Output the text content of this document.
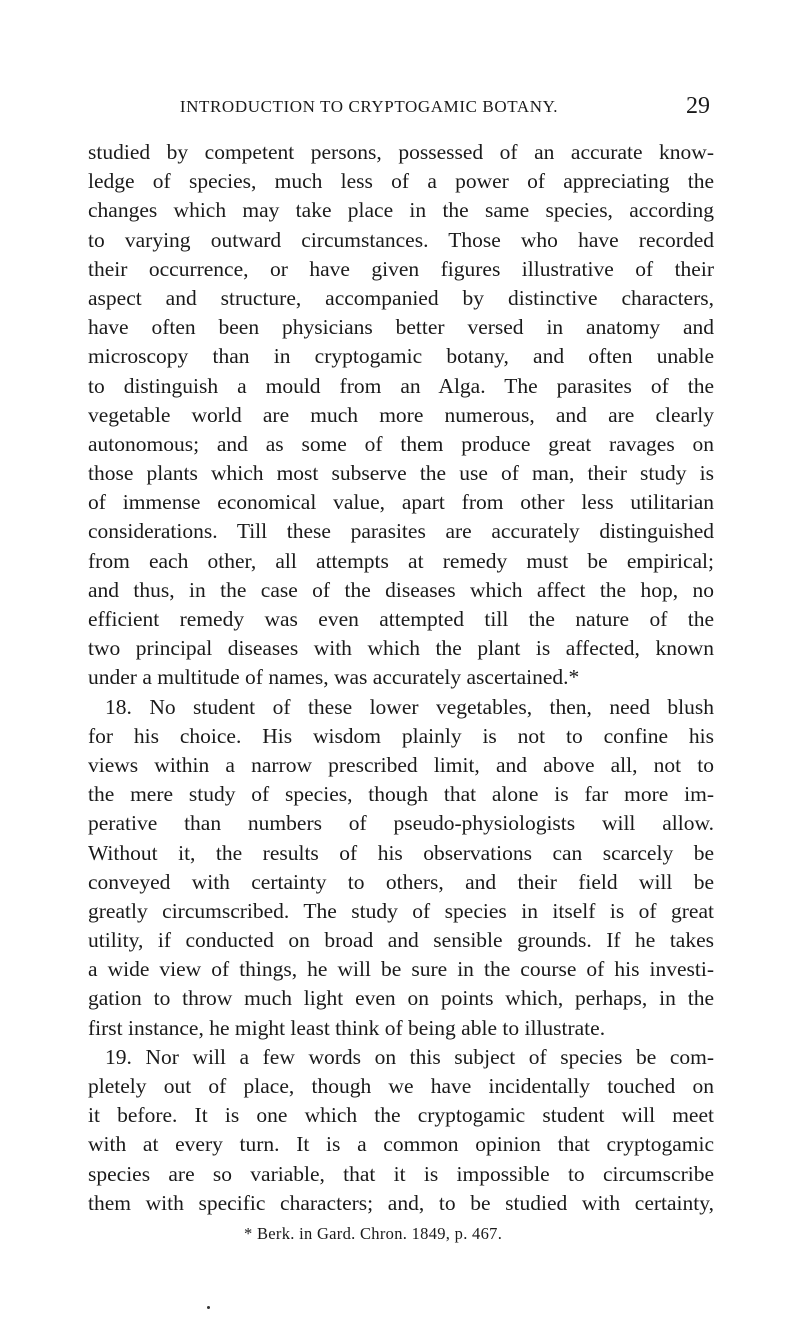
INTRODUCTION TO CRYPTOGAMIC BOTANY.	29
studied by competent persons, possessed of an accurate know-
ledge of species, much less of a power of appreciating the
changes which may take place in the same species, according
to varying outward circumstances. Those who have recorded
their occurrence, or have given figures illustrative of their
aspect and structure, accompanied by distinctive characters,
have often been physicians better versed in anatomy and
microscopy than in cryptogamic botany, and often unable
to distinguish a mould from an Alga. The parasites of the
vegetable world are much more numerous, and are clearly
autonomous; and as some of them produce great ravages on
those plants which most subserve the use of man, their study is
of immense economical value, apart from other less utilitarian
considerations. Till these parasites are accurately distinguished
from each other, all attempts at remedy must be empirical;
and thus, in the case of the diseases which affect the hop, no
efficient remedy was even attempted till the nature of the
two principal diseases with which the plant is affected, known
under a multitude of names, was accurately ascertained.*
18. No student of these lower vegetables, then, need blush
for his choice. His wisdom plainly is not to confine his
views within a narrow prescribed limit, and above all, not to
the mere study of species, though that alone is far more im-
perative than numbers of pseudo-physiologists will allow.
Without it, the results of his observations can scarcely be
conveyed with certainty to others, and their field will be
greatly circumscribed. The study of species in itself is of great
utility, if conducted on broad and sensible grounds. If he takes
a wide view of things, he will be sure in the course of his investi-
gation to throw much light even on points which, perhaps, in the
first instance, he might least think of being able to illustrate.
19. Nor will a few words on this subject of species be com-
pletely out of place, though we have incidentally touched on
it before. It is one which the cryptogamic student will meet
with at every turn. It is a common opinion that cryptogamic
species are so variable, that it is impossible to circumscribe
them with specific characters; and, to be studied with certainty,
* Berk. in Gard. Chron. 1849, p. 467.
